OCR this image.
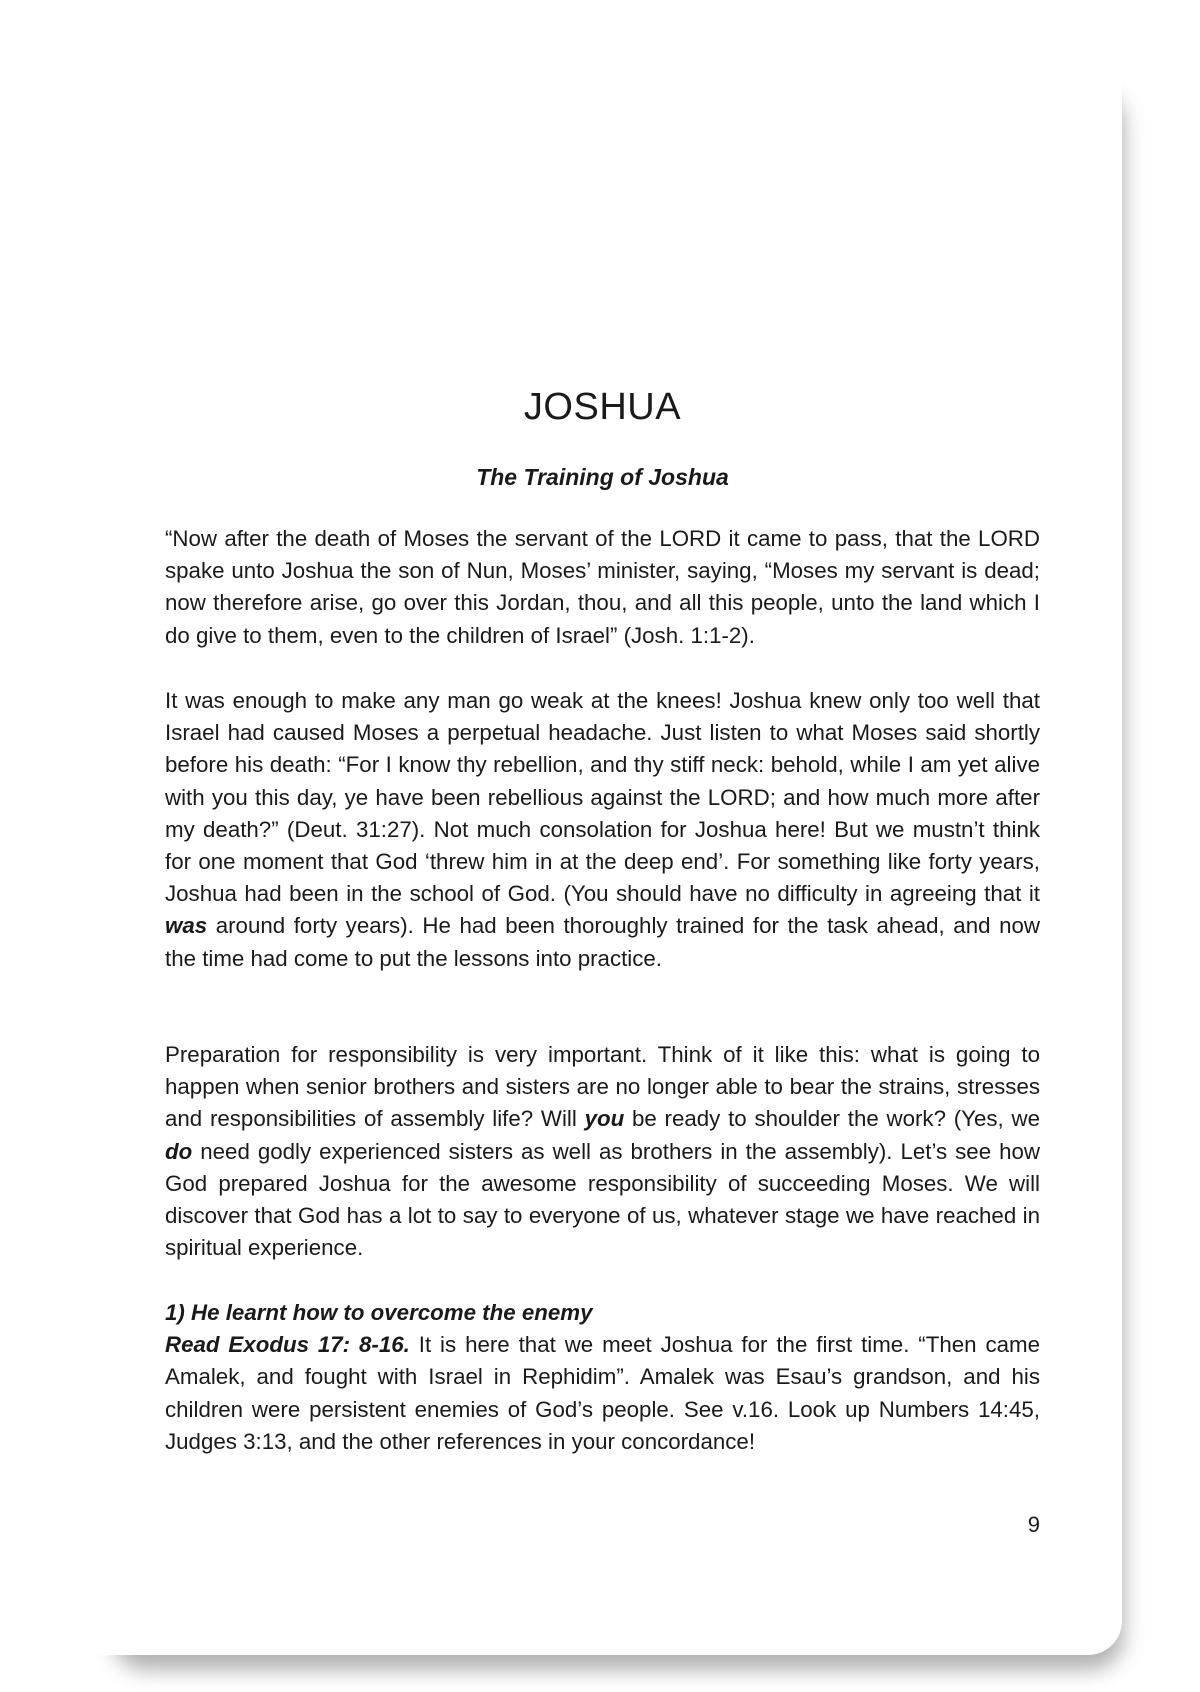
JOSHUA
The Training of Joshua

“Now after the death of Moses the servant of the LORD it came to pass, that the LORD spake unto Joshua the son of Nun, Moses’ minister, saying, “Moses my servant is dead; now therefore arise, go over this Jordan, thou, and all this people, unto the land which I do give to them, even to the children of Israel” (Josh. 1:1-2).

It was enough to make any man go weak at the knees! Joshua knew only too well that Israel had caused Moses a perpetual headache. Just listen to what Moses said shortly before his death: “For I know thy rebellion, and thy stiff neck: behold, while I am yet alive with you this day, ye have been rebellious against the LORD; and how much more after my death?” (Deut. 31:27). Not much consolation for Joshua here! But we mustn’t think for one moment that God ‘threw him in at the deep end’. For something like forty years, Joshua had been in the school of God. (You should have no difficulty in agreeing that it was around forty years). He had been thoroughly trained for the task ahead, and now the time had come to put the lessons into practice.

Preparation for responsibility is very important. Think of it like this: what is going to happen when senior brothers and sisters are no longer able to bear the strains, stresses and responsibilities of assembly life? Will you be ready to shoulder the work? (Yes, we do need godly experienced sisters as well as brothers in the assembly). Let’s see how God prepared Joshua for the awesome responsibility of succeeding Moses. We will discover that God has a lot to say to everyone of us, whatever stage we have reached in spiritual experience.

1) He learnt how to overcome the enemy
Read Exodus 17: 8-16. It is here that we meet Joshua for the first time. “Then came Amalek, and fought with Israel in Rephidim”. Amalek was Esau’s grandson, and his children were persistent enemies of God’s people. See v.16. Look up Numbers 14:45, Judges 3:13, and the other references in your concordance!
9
